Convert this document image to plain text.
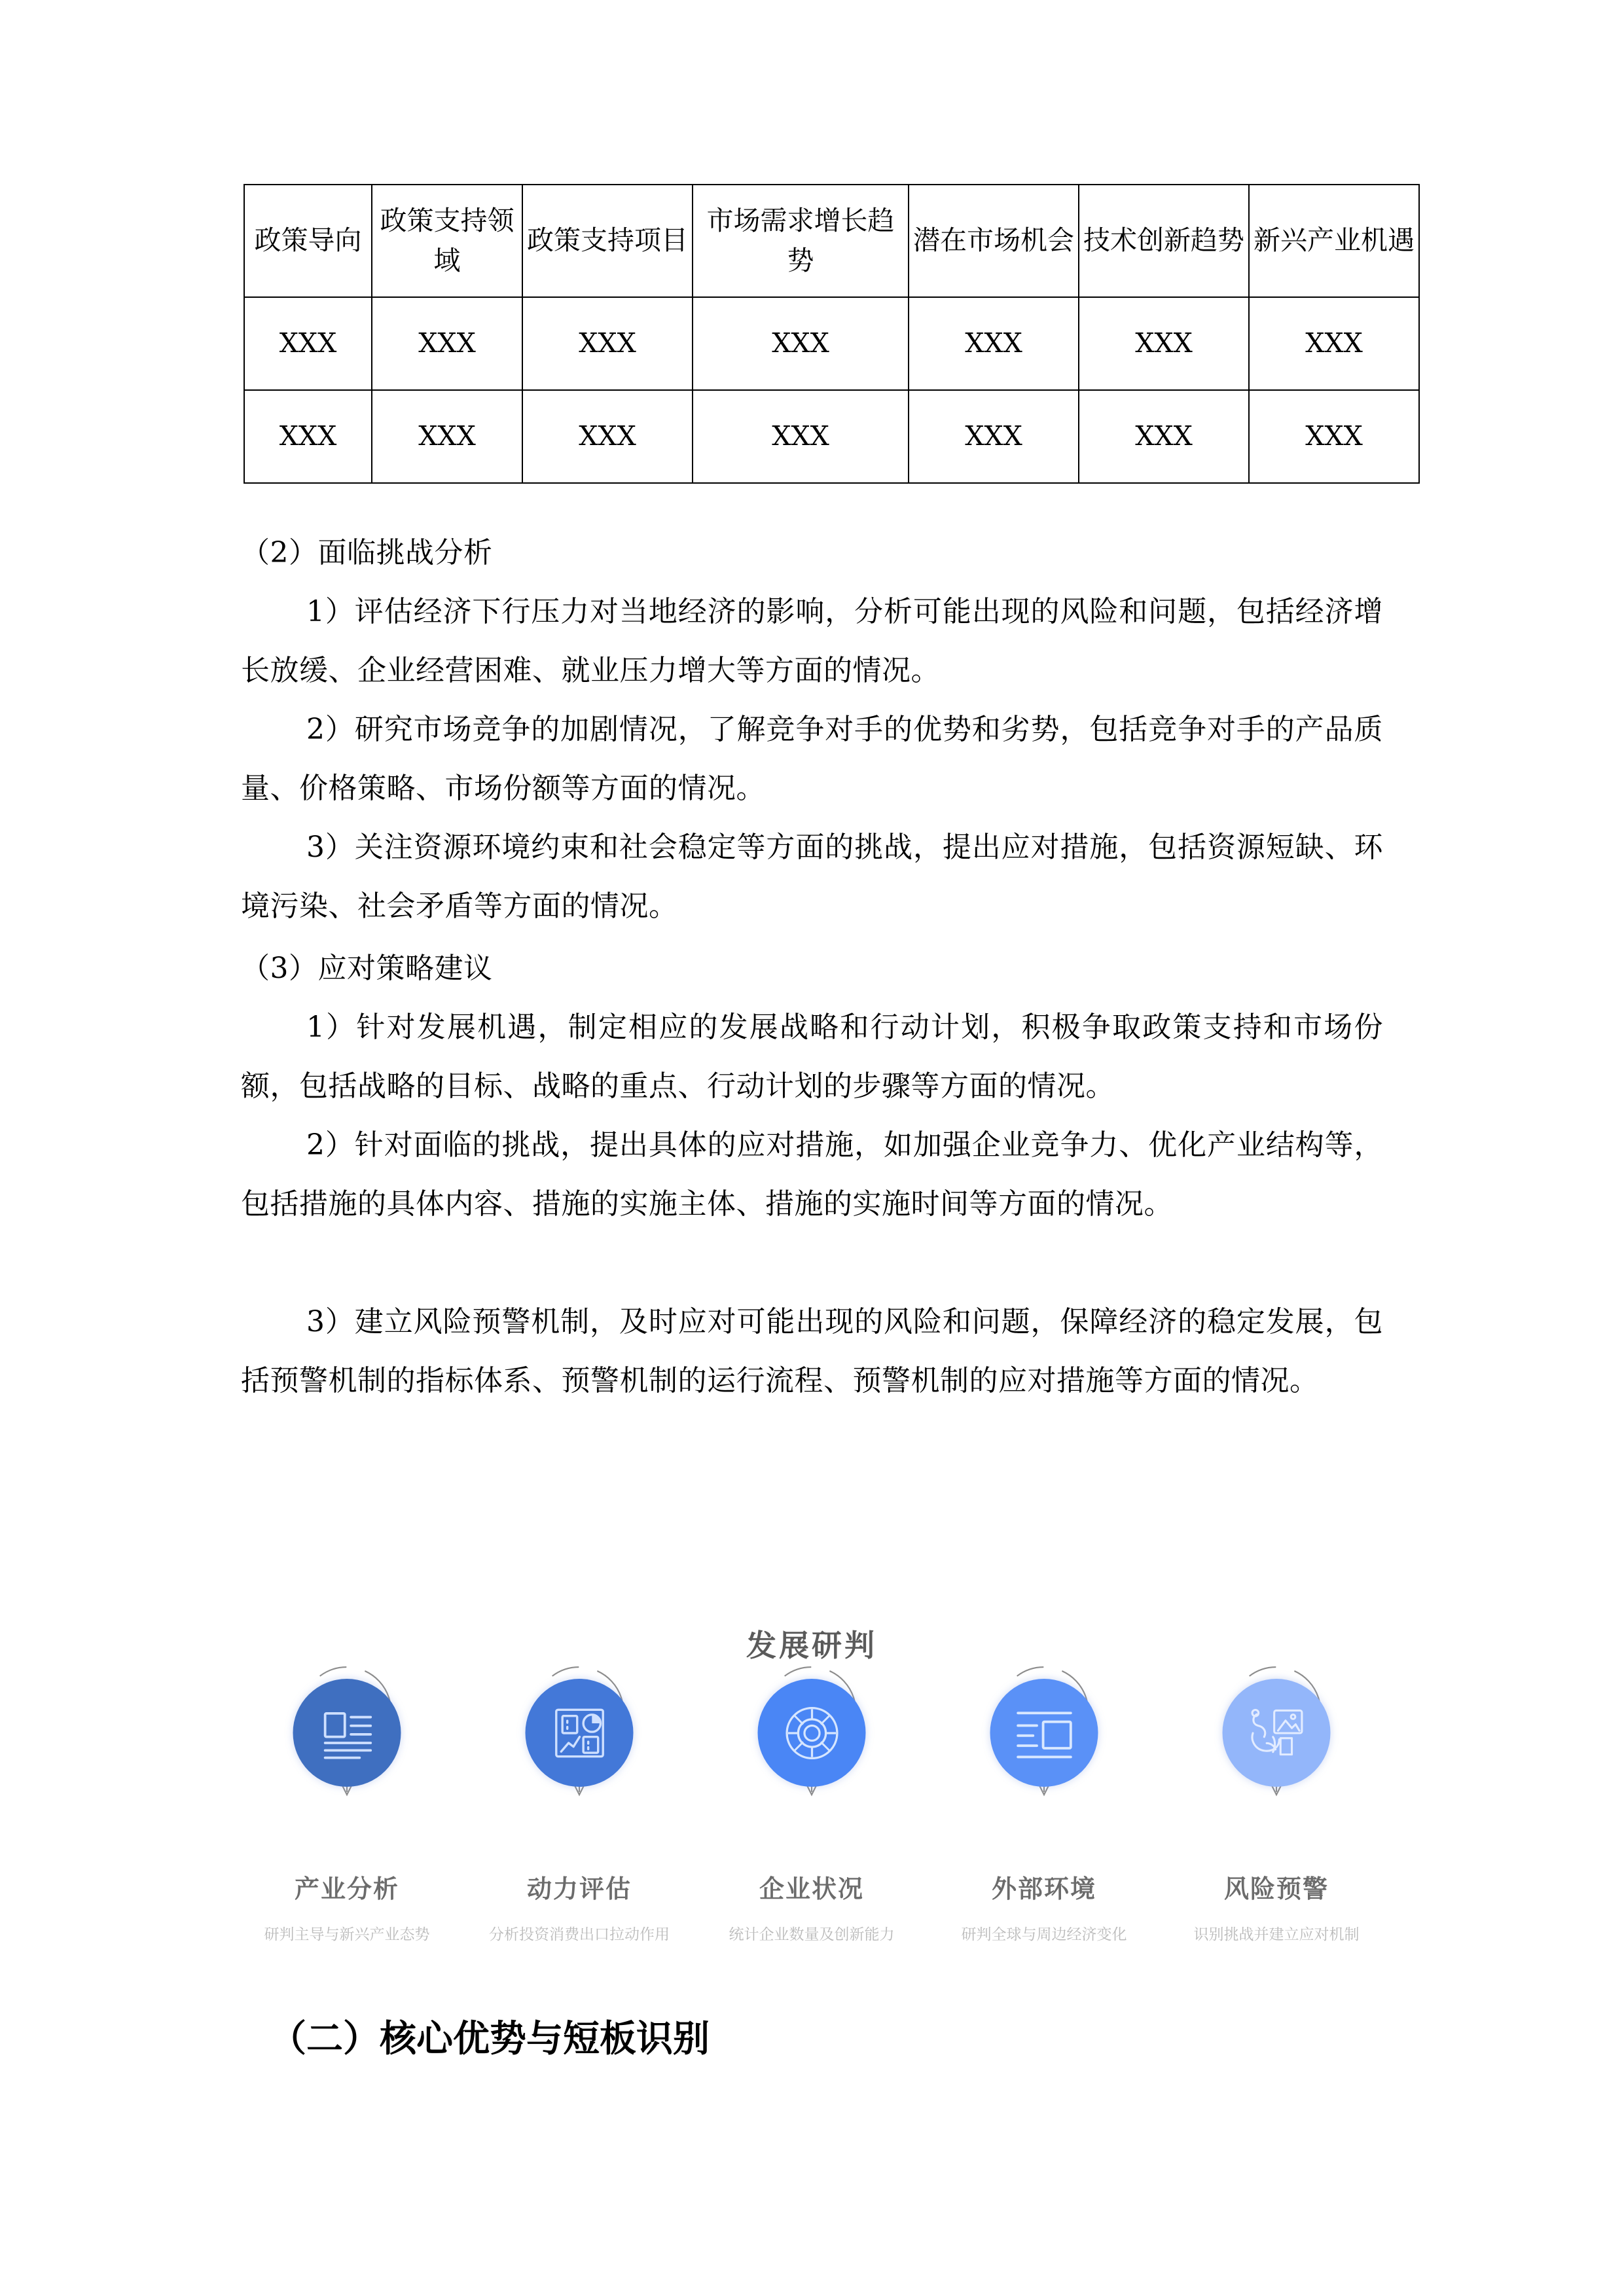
政策导向	政策支持领域	政策支持项目	市场需求增长趋势	潜在市场机会	技术创新趋势	新兴产业机遇
XXX	XXX	XXX	XXX	XXX	XXX	XXX
XXX	XXX	XXX	XXX	XXX	XXX	XXX
（2）面临挑战分析
1）评估经济下行压力对当地经济的影响，分析可能出现的风险和问题，包括经济增长放缓、企业经营困难、就业压力增大等方面的情况。
2）研究市场竞争的加剧情况，了解竞争对手的优势和劣势，包括竞争对手的产品质量、价格策略、市场份额等方面的情况。
3）关注资源环境约束和社会稳定等方面的挑战，提出应对措施，包括资源短缺、环境污染、社会矛盾等方面的情况。
（3）应对策略建议
1）针对发展机遇，制定相应的发展战略和行动计划，积极争取政策支持和市场份额，包括战略的目标、战略的重点、行动计划的步骤等方面的情况。
2）针对面临的挑战，提出具体的应对措施，如加强企业竞争力、优化产业结构等，包括措施的具体内容、措施的实施主体、措施的实施时间等方面的情况。
3）建立风险预警机制，及时应对可能出现的风险和问题，保障经济的稳定发展，包括预警机制的指标体系、预警机制的运行流程、预警机制的应对措施等方面的情况。
发展研判
产业分析
研判主导与新兴产业态势
动力评估
分析投资消费出口拉动作用
企业状况
统计企业数量及创新能力
外部环境
研判全球与周边经济变化
风险预警
识别挑战并建立应对机制
（二）核心优势与短板识别
